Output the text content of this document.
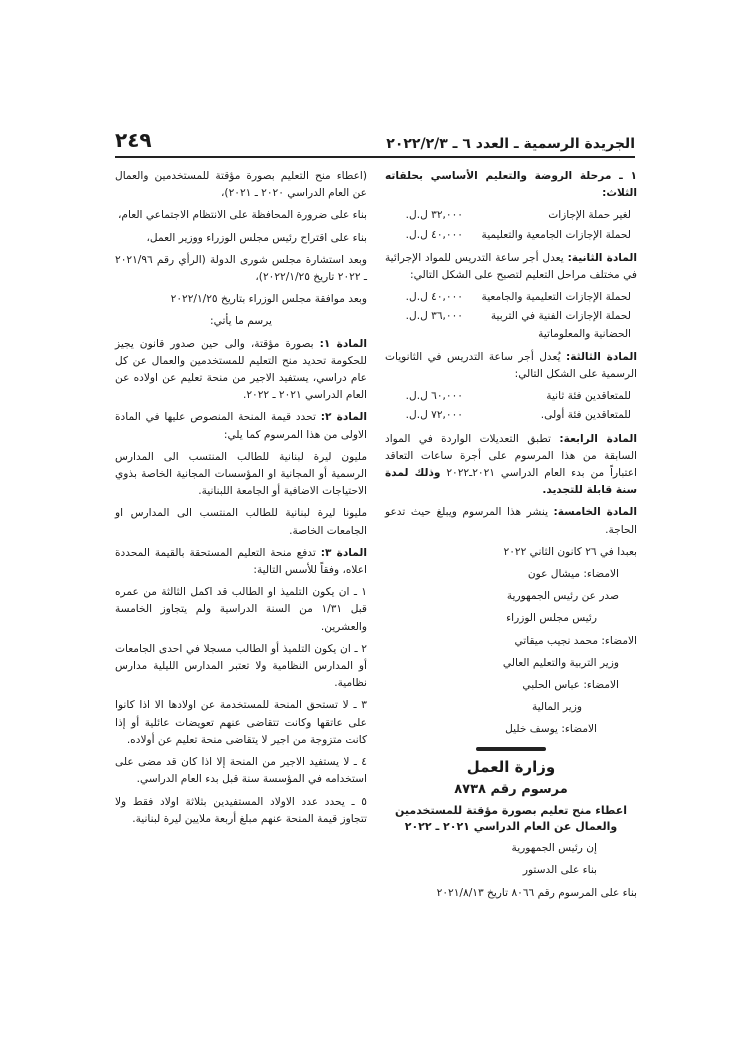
الجريدة الرسمية ـ العدد ٦ ـ ٢٠٢٢/٢/٣
٢٤٩

١ ـ مرحلة الروضة والتعليم الأساسي بحلقاته الثلاث:

لغير حملة الإجازات
٣٢,٠٠٠ ل.ل.
لحملة الإجازات الجامعية والتعليمية
٤٠,٠٠٠ ل.ل.

المادة الثانية: يعدل أجر ساعة التدريس للمواد الإجرائية في مختلف مراحل التعليم لتصبح على الشكل التالي:

لحملة الإجازات التعليمية والجامعية
٤٠,٠٠٠ ل.ل.
لحملة الإجازات الفنية في التربية الحضانية والمعلوماتية
٣٦,٠٠٠ ل.ل.

المادة الثالثة: يُعدل أجر ساعة التدريس في الثانويات الرسمية على الشكل التالي:

للمتعاقدين فئة ثانية
٦٠,٠٠٠ ل.ل.
للمتعاقدين فئة أولى.
٧٢,٠٠٠ ل.ل.

المادة الرابعة: تطبق التعديلات الواردة في المواد السابقة من هذا المرسوم على أجرة ساعات التعاقد اعتباراً من بدء العام الدراسي ٢٠٢١ـ٢٠٢٢ وذلك لمدة سنة قابلة للتجديد.

المادة الخامسة: ينشر هذا المرسوم ويبلغ حيث تدعو الحاجة.

بعبدا في ٢٦ كانون الثاني ٢٠٢٢

الامضاء: ميشال عون

صدر عن رئيس الجمهورية

رئيس مجلس الوزراء

الامضاء: محمد نجيب ميقاتي

وزير التربية والتعليم العالي

الامضاء: عباس الحلبي

وزير المالية

الامضاء: يوسف خليل

وزارة العمل

مرسوم رقم ٨٧٣٨

اعطاء منح تعليم بصورة مؤقتة للمستخدمين والعمال عن العام الدراسي ٢٠٢١ ـ ٢٠٢٢

إن رئيس الجمهورية

بناء على الدستور

بناء على المرسوم رقم ٨٠٦٦ تاريخ ٢٠٢١/٨/١٣

(اعطاء منح التعليم بصورة مؤقتة للمستخدمين والعمال عن العام الدراسي ٢٠٢٠ ـ ٢٠٢١)،

بناء على ضرورة المحافظة على الانتظام الاجتماعي العام،

بناء على اقتراح رئيس مجلس الوزراء ووزير العمل،

وبعد استشارة مجلس شورى الدولة (الرأي رقم ٢٠٢١/٩٦ ـ ٢٠٢٢ تاريخ ٢٠٢٢/١/٢٥)،

وبعد موافقة مجلس الوزراء بتاريخ ٢٠٢٢/١/٢٥

يرسم ما يأتي:

المادة ١: بصورة مؤقتة، والى حين صدور قانون يجيز للحكومة تحديد منح التعليم للمستخدمين والعمال عن كل عام دراسي، يستفيد الاجير من منحة تعليم عن اولاده عن العام الدراسي ٢٠٢١ ـ ٢٠٢٢.

المادة ٢: تحدد قيمة المنحة المنصوص عليها في المادة الاولى من هذا المرسوم كما يلي:

مليون ليرة لبنانية للطالب المنتسب الى المدارس الرسمية أو المجانية او المؤسسات المجانية الخاصة بذوي الاحتياجات الاضافية أو الجامعة اللبنانية.

مليونا ليرة لبنانية للطالب المنتسب الى المدارس او الجامعات الخاصة.

المادة ٣: تدفع منحة التعليم المستحقة بالقيمة المحددة اعلاه، وفقاً للأسس التالية:

١ ـ ان يكون التلميذ او الطالب قد اكمل الثالثة من عمره قبل ١/٣١ من السنة الدراسية ولم يتجاوز الخامسة والعشرين.

٢ ـ ان يكون التلميذ أو الطالب مسجلا في احدى الجامعات أو المدارس النظامية ولا تعتبر المدارس الليلية مدارس نظامية.

٣ ـ لا تستحق المنحة للمستخدمة عن اولادها الا اذا كانوا على عاتقها وكانت تتقاضى عنهم تعويضات عائلية أو إذا كانت متزوجة من اجير لا يتقاضى منحة تعليم عن أولاده.

٤ ـ لا يستفيد الاجير من المنحة إلا اذا كان قد مضى على استخدامه في المؤسسة سنة قبل بدء العام الدراسي.

٥ ـ يحدد عدد الاولاد المستفيدين بثلاثة اولاد فقط ولا تتجاوز قيمة المنحة عنهم مبلغ أربعة ملايين ليرة لبنانية.
